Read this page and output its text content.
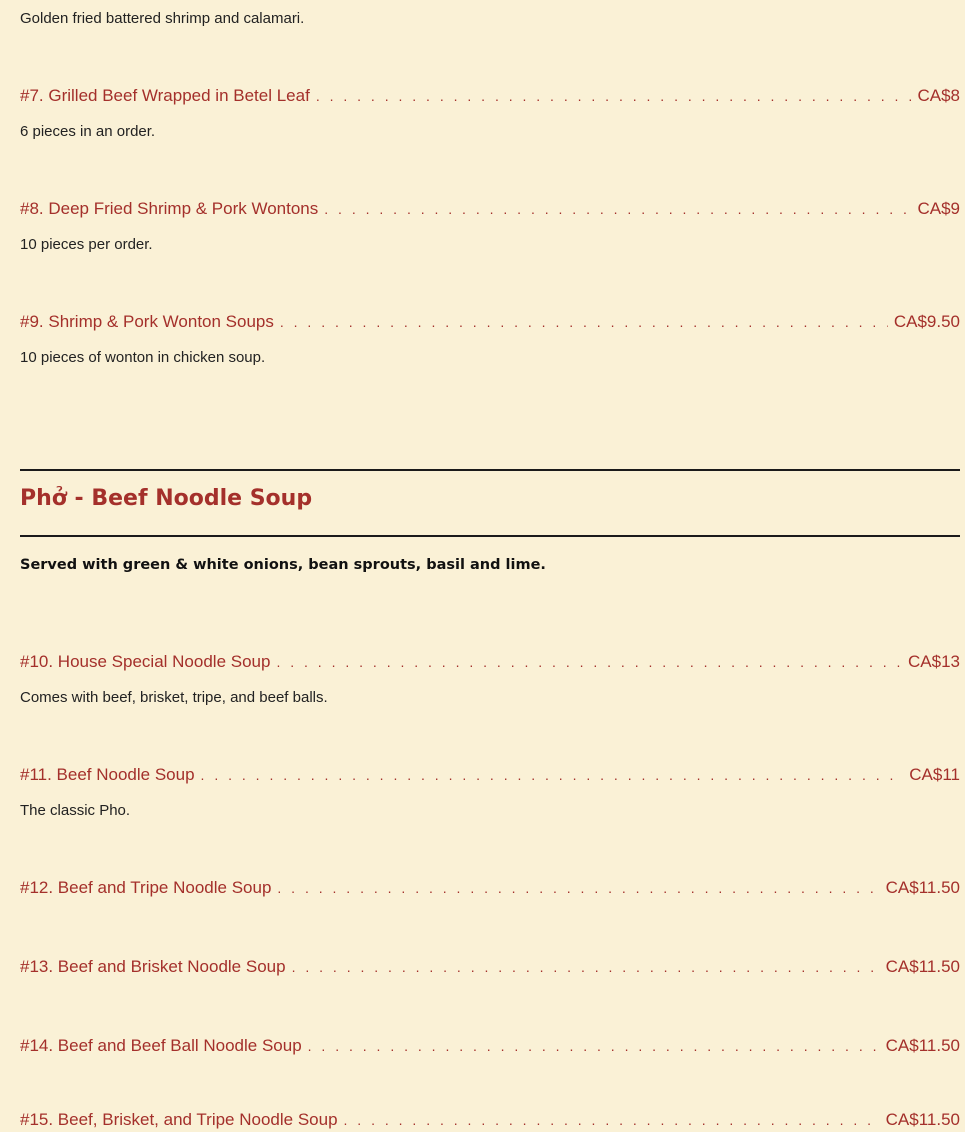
Golden fried battered shrimp and calamari.
#7. Grilled Beef Wrapped in Betel Leaf . . .	CA$8
6 pieces in an order.
#8. Deep Fried Shrimp & Pork Wontons . . .	CA$9
10 pieces per order.
#9. Shrimp & Pork Wonton Soups . . .	CA$9.50
10 pieces of wonton in chicken soup.
Phở - Beef Noodle Soup
Served with green & white onions, bean sprouts, basil and lime.
#10. House Special Noodle Soup . . .	CA$13
Comes with beef, brisket, tripe, and beef balls.
#11. Beef Noodle Soup . . .	CA$11
The classic Pho.
#12. Beef and Tripe Noodle Soup . . .	CA$11.50
#13. Beef and Brisket Noodle Soup . . .	CA$11.50
#14. Beef and Beef Ball Noodle Soup . . .	CA$11.50
#15. Beef, Brisket, and Tripe Noodle Soup . . .	CA$11.50
